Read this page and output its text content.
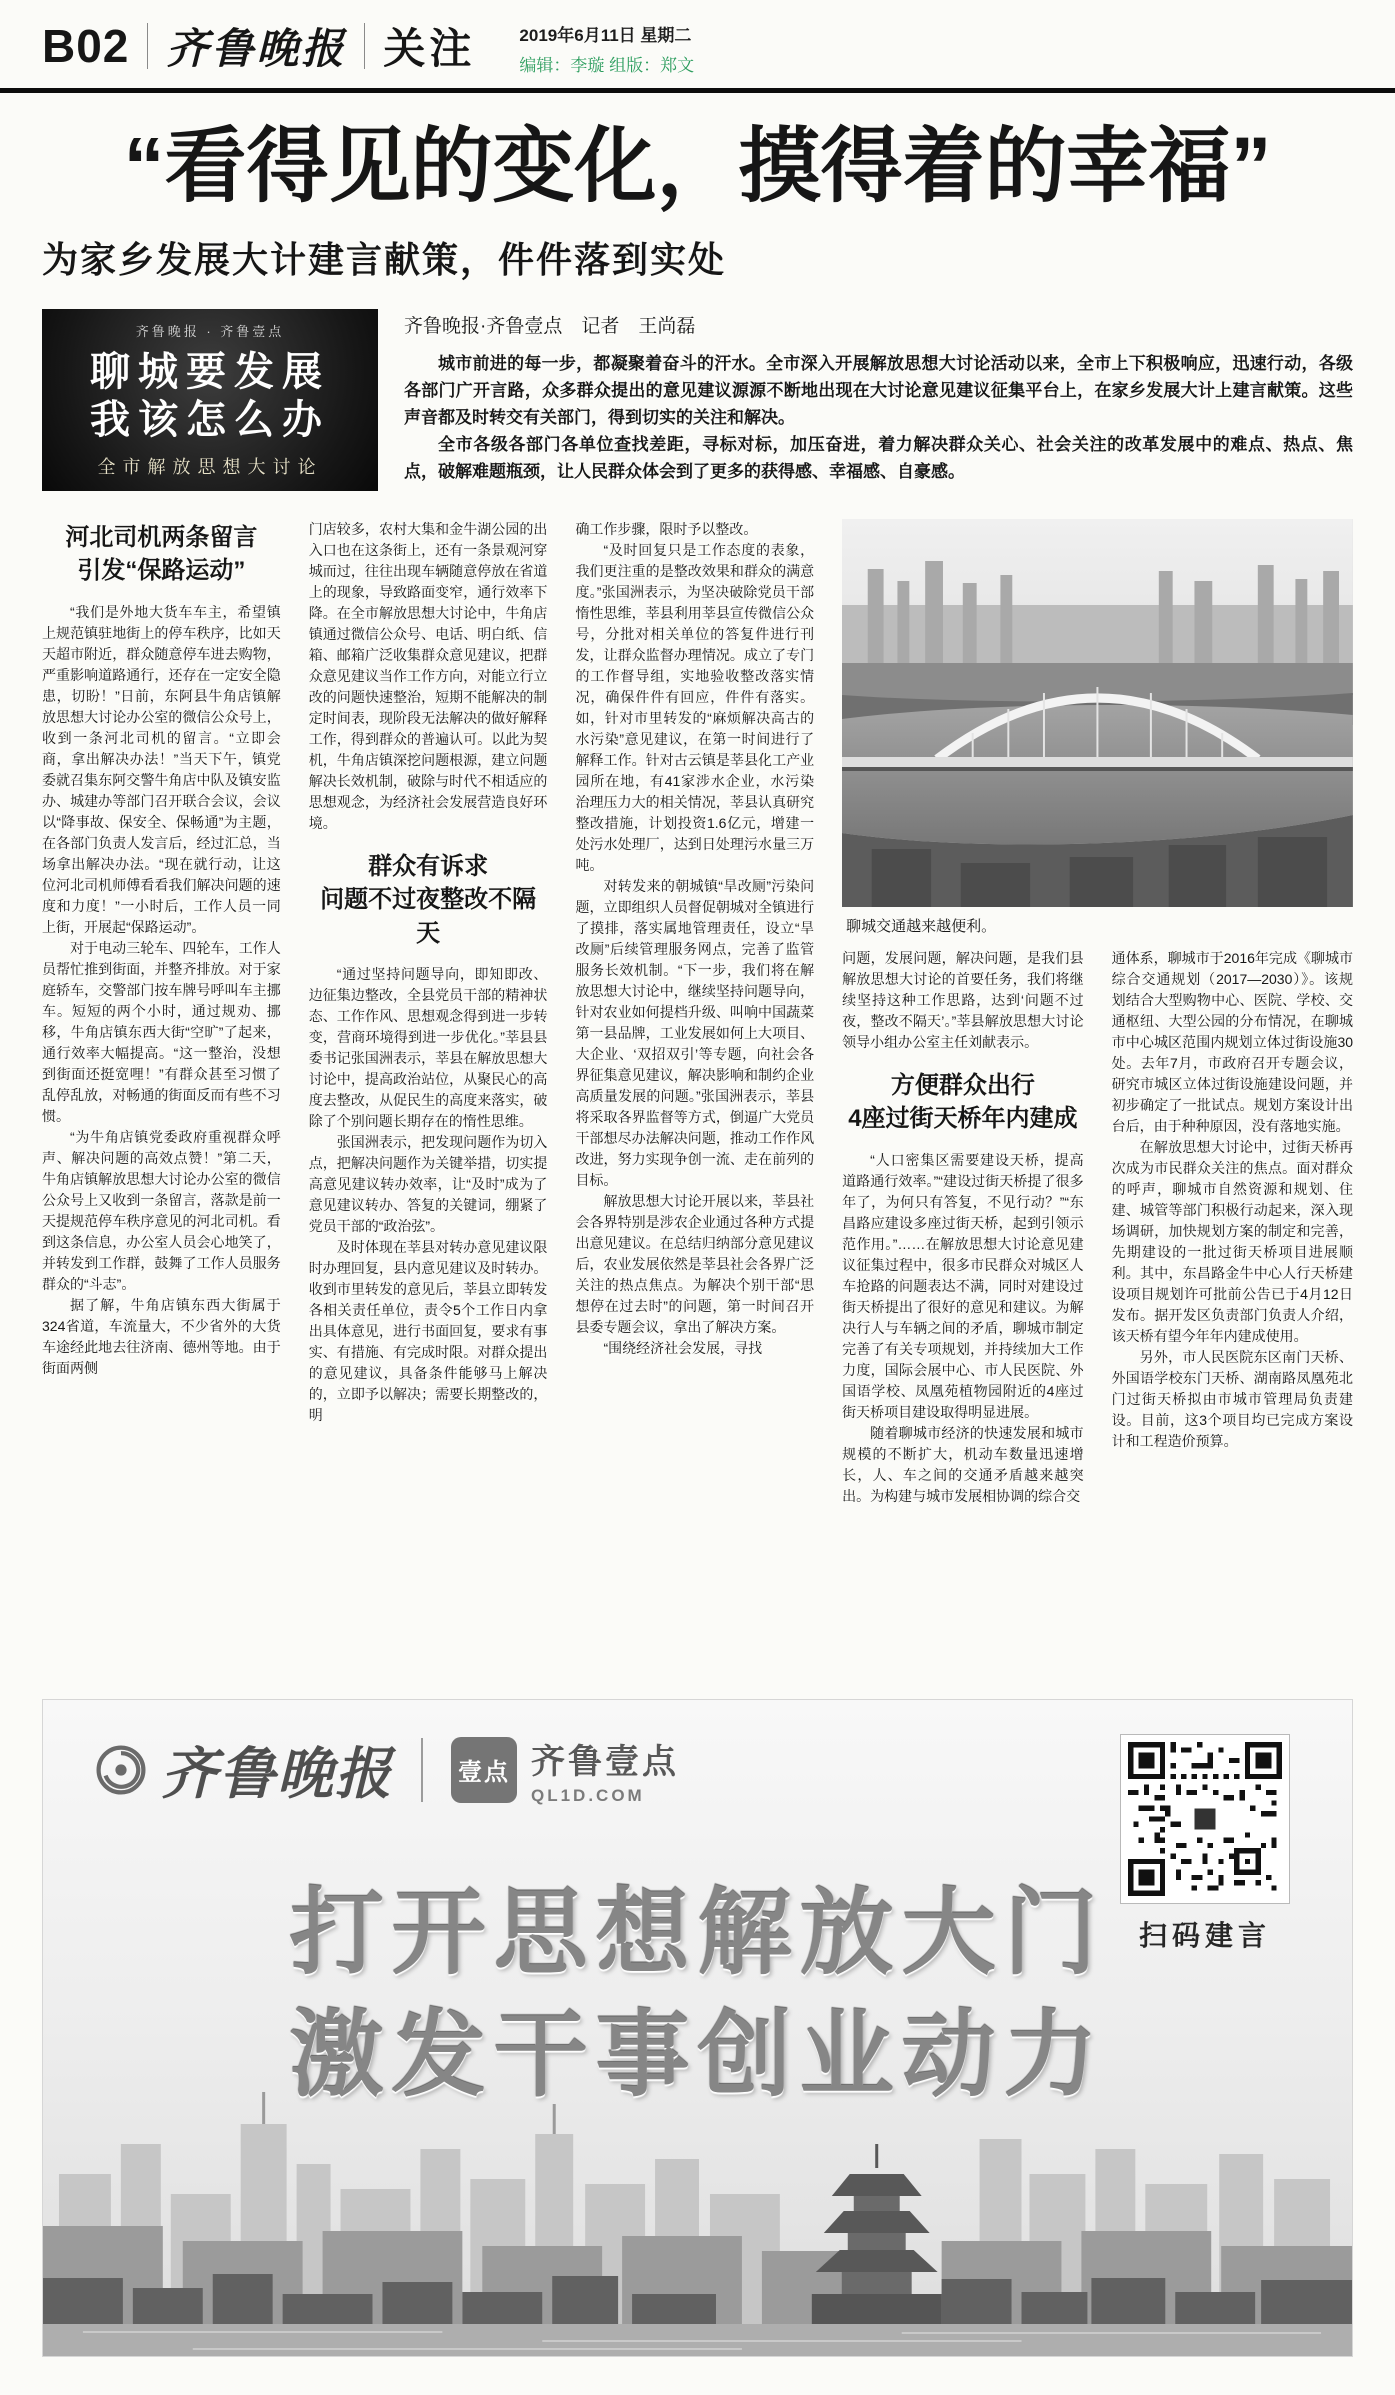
B02 齐鲁晚报 关注	2019年6月11日 星期二
编辑：李璇 组版：郑文
“看得见的变化，摸得着的幸福”
为家乡发展大计建言献策，件件落到实处
齐鲁晚报 · 齐鲁壹点
聊城要发展
我该怎么办
全市解放思想大讨论
齐鲁晚报·齐鲁壹点　记者　王尚磊

城市前进的每一步，都凝聚着奋斗的汗水。全市深入开展解放思想大讨论活动以来，全市上下积极响应，迅速行动，各级各部门广开言路，众多群众提出的意见建议源源不断地出现在大讨论意见建议征集平台上，在家乡发展大计上建言献策。这些声音都及时转交有关部门，得到切实的关注和解决。

全市各级各部门各单位查找差距，寻标对标，加压奋进，着力解决群众关心、社会关注的改革发展中的难点、热点、焦点，破解难题瓶颈，让人民群众体会到了更多的获得感、幸福感、自豪感。

河北司机两条留言
引发“保路运动”

“我们是外地大货车车主，希望镇上规范镇驻地街上的停车秩序，比如天天超市附近，群众随意停车进去购物，严重影响道路通行，还存在一定安全隐患，切盼！”日前，东阿县牛角店镇解放思想大讨论办公室的微信公众号上，收到一条河北司机的留言。“立即会商，拿出解决办法！”当天下午，镇党委就召集东阿交警牛角店中队及镇安监办、城建办等部门召开联合会议，会议以“降事故、保安全、保畅通”为主题，在各部门负责人发言后，经过汇总，当场拿出解决办法。“现在就行动，让这位河北司机师傅看看我们解决问题的速度和力度！”一小时后，工作人员一同上街，开展起“保路运动”。

对于电动三轮车、四轮车，工作人员帮忙推到街面，并整齐排放。对于家庭轿车，交警部门按车牌号呼叫车主挪车。短短的两个小时，通过规劝、挪移，牛角店镇东西大街“空旷”了起来，通行效率大幅提高。“这一整治，没想到街面还挺宽哩！”有群众甚至习惯了乱停乱放，对畅通的街面反而有些不习惯。

“为牛角店镇党委政府重视群众呼声、解决问题的高效点赞！”第二天，牛角店镇解放思想大讨论办公室的微信公众号上又收到一条留言，落款是前一天提规范停车秩序意见的河北司机。看到这条信息，办公室人员会心地笑了，并转发到工作群，鼓舞了工作人员服务群众的“斗志”。

据了解，牛角店镇东西大街属于324省道，车流量大，不少省外的大货车途经此地去往济南、德州等地。由于街面两侧

门店较多，农村大集和金牛湖公园的出入口也在这条街上，还有一条景观河穿城而过，往往出现车辆随意停放在省道上的现象，导致路面变窄，通行效率下降。在全市解放思想大讨论中，牛角店镇通过微信公众号、电话、明白纸、信箱、邮箱广泛收集群众意见建议，把群众意见建议当作工作方向，对能立行立改的问题快速整治，短期不能解决的制定时间表，现阶段无法解决的做好解释工作，得到群众的普遍认可。以此为契机，牛角店镇深挖问题根源，建立问题解决长效机制，破除与时代不相适应的思想观念，为经济社会发展营造良好环境。

群众有诉求
问题不过夜整改不隔天

“通过坚持问题导向，即知即改、边征集边整改，全县党员干部的精神状态、工作作风、思想观念得到进一步转变，营商环境得到进一步优化。”莘县县委书记张国洲表示，莘县在解放思想大讨论中，提高政治站位，从聚民心的高度去整改，从促民生的高度来落实，破除了个别问题长期存在的惰性思维。

张国洲表示，把发现问题作为切入点，把解决问题作为关键举措，切实提高意见建议转办效率，让“及时”成为了意见建议转办、答复的关键词，绷紧了党员干部的“政治弦”。

及时体现在莘县对转办意见建议限时办理回复，县内意见建议及时转办。收到市里转发的意见后，莘县立即转发各相关责任单位，责令5个工作日内拿出具体意见，进行书面回复，要求有事实、有措施、有完成时限。对群众提出的意见建议，具备条件能够马上解决的，立即予以解决；需要长期整改的，明

确工作步骤，限时予以整改。

“及时回复只是工作态度的表象，我们更注重的是整改效果和群众的满意度。”张国洲表示，为坚决破除党员干部惰性思维，莘县利用莘县宣传微信公众号，分批对相关单位的答复件进行刊发，让群众监督办理情况。成立了专门的工作督导组，实地验收整改落实情况，确保件件有回应，件件有落实。如，针对市里转发的“麻烦解决高古的水污染”意见建议，在第一时间进行了解释工作。针对古云镇是莘县化工产业园所在地，有41家涉水企业，水污染治理压力大的相关情况，莘县认真研究整改措施，计划投资1.6亿元，增建一处污水处理厂，达到日处理污水量三万吨。

对转发来的朝城镇“旱改厕”污染问题，立即组织人员督促朝城对全镇进行了摸排，落实属地管理责任，设立“旱改厕”后续管理服务网点，完善了监管服务长效机制。“下一步，我们将在解放思想大讨论中，继续坚持问题导向，针对农业如何提档升级、叫响中国蔬菜第一县品牌，工业发展如何上大项目、大企业、‘双招双引’等专题，向社会各界征集意见建议，解决影响和制约企业高质量发展的问题。”张国洲表示，莘县将采取各界监督等方式，倒逼广大党员干部想尽办法解决问题，推动工作作风改进，努力实现争创一流、走在前列的目标。

解放思想大讨论开展以来，莘县社会各界特别是涉农企业通过各种方式提出意见建议。在总结归纳部分意见建议后，农业发展依然是莘县社会各界广泛关注的热点焦点。为解决个别干部“思想停在过去时”的问题，第一时间召开县委专题会议，拿出了解决方案。

“围绕经济社会发展，寻找

聊城交通越来越便利。

问题，发展问题，解决问题，是我们县解放思想大讨论的首要任务，我们将继续坚持这种工作思路，达到‘问题不过夜，整改不隔天’。”莘县解放思想大讨论领导小组办公室主任刘献表示。

方便群众出行
4座过街天桥年内建成

“人口密集区需要建设天桥，提高道路通行效率。”“建设过街天桥提了很多年了，为何只有答复，不见行动？”“东昌路应建设多座过街天桥，起到引领示范作用。”……在解放思想大讨论意见建议征集过程中，很多市民群众对城区人车抢路的问题表达不满，同时对建设过街天桥提出了很好的意见和建议。为解决行人与车辆之间的矛盾，聊城市制定完善了有关专项规划，并持续加大工作力度，国际会展中心、市人民医院、外国语学校、凤凰苑植物园附近的4座过街天桥项目建设取得明显进展。

随着聊城市经济的快速发展和城市规模的不断扩大，机动车数量迅速增长，人、车之间的交通矛盾越来越突出。为构建与城市发展相协调的综合交

通体系，聊城市于2016年完成《聊城市综合交通规划（2017—2030）》。该规划结合大型购物中心、医院、学校、交通枢纽、大型公园的分布情况，在聊城市中心城区范围内规划立体过街设施30处。去年7月，市政府召开专题会议，研究市城区立体过街设施建设问题，并初步确定了一批试点。规划方案设计出台后，由于种种原因，没有落地实施。

在解放思想大讨论中，过街天桥再次成为市民群众关注的焦点。面对群众的呼声，聊城市自然资源和规划、住建、城管等部门积极行动起来，深入现场调研，加快规划方案的制定和完善，先期建设的一批过街天桥项目进展顺利。其中，东昌路金牛中心人行天桥建设项目规划许可批前公告已于4月12日发布。据开发区负责部门负责人介绍，该天桥有望今年年内建成使用。

另外，市人民医院东区南门天桥、外国语学校东门天桥、湖南路凤凰苑北门过街天桥拟由市城市管理局负责建设。目前，这3个项目均已完成方案设计和工程造价预算。

齐鲁晚报	壹点 齐鲁壹点
QL1D.COM
扫码建言
打开思想解放大门
激发干事创业动力
